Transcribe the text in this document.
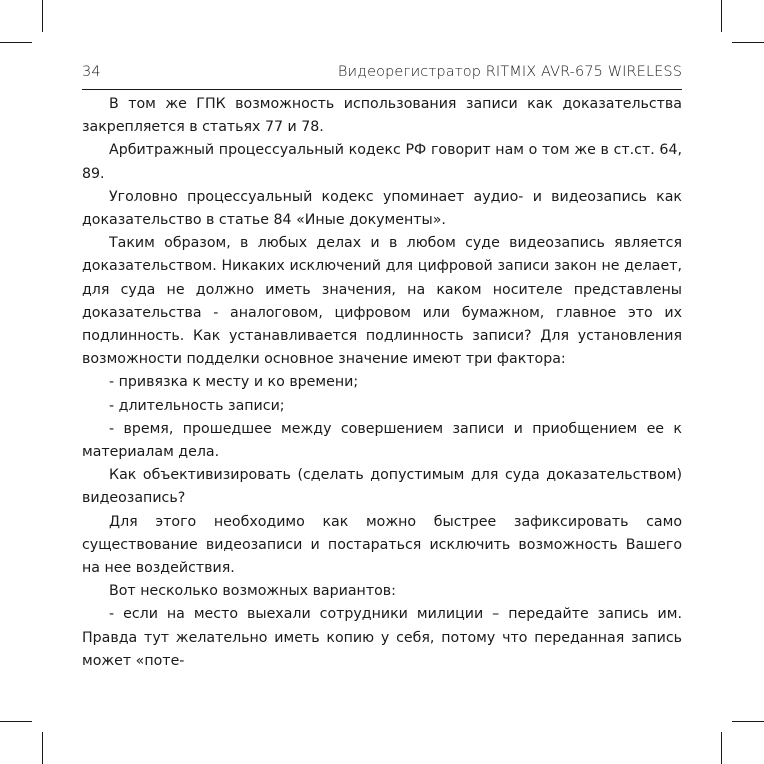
34	Видеорегистратор RITMIX AVR-675 WIRELESS

В том же ГПК возможность использования записи как доказательства закрепляется в статьях 77 и 78.

Арбитражный процессуальный кодекс РФ говорит нам о том же в ст.ст. 64, 89.

Уголовно процессуальный кодекс упоминает аудио- и видеозапись как доказательство в статье 84 «Иные документы».

Таким образом, в любых делах и в любом суде видеозапись является доказательством. Никаких исключений для цифровой записи закон не делает, для суда не должно иметь значения, на каком носителе представлены доказательства - аналоговом, цифровом или бумажном, главное это их подлинность. Как устанавливается подлинность записи? Для установления возможности подделки основное значение имеют три фактора:

- привязка к месту и ко времени;

- длительность записи;

- время, прошедшее между совершением записи и приобщением ее к материалам дела.

Как объективизировать (сделать допустимым для суда доказательством) видеозапись?

Для этого необходимо как можно быстрее зафиксировать само существование видеозаписи и постараться исключить возможность Вашего на нее воздействия.

Вот несколько возможных вариантов:

- если на место выехали сотрудники милиции – передайте запись им. Правда тут желательно иметь копию у себя, потому что переданная запись может «поте-
